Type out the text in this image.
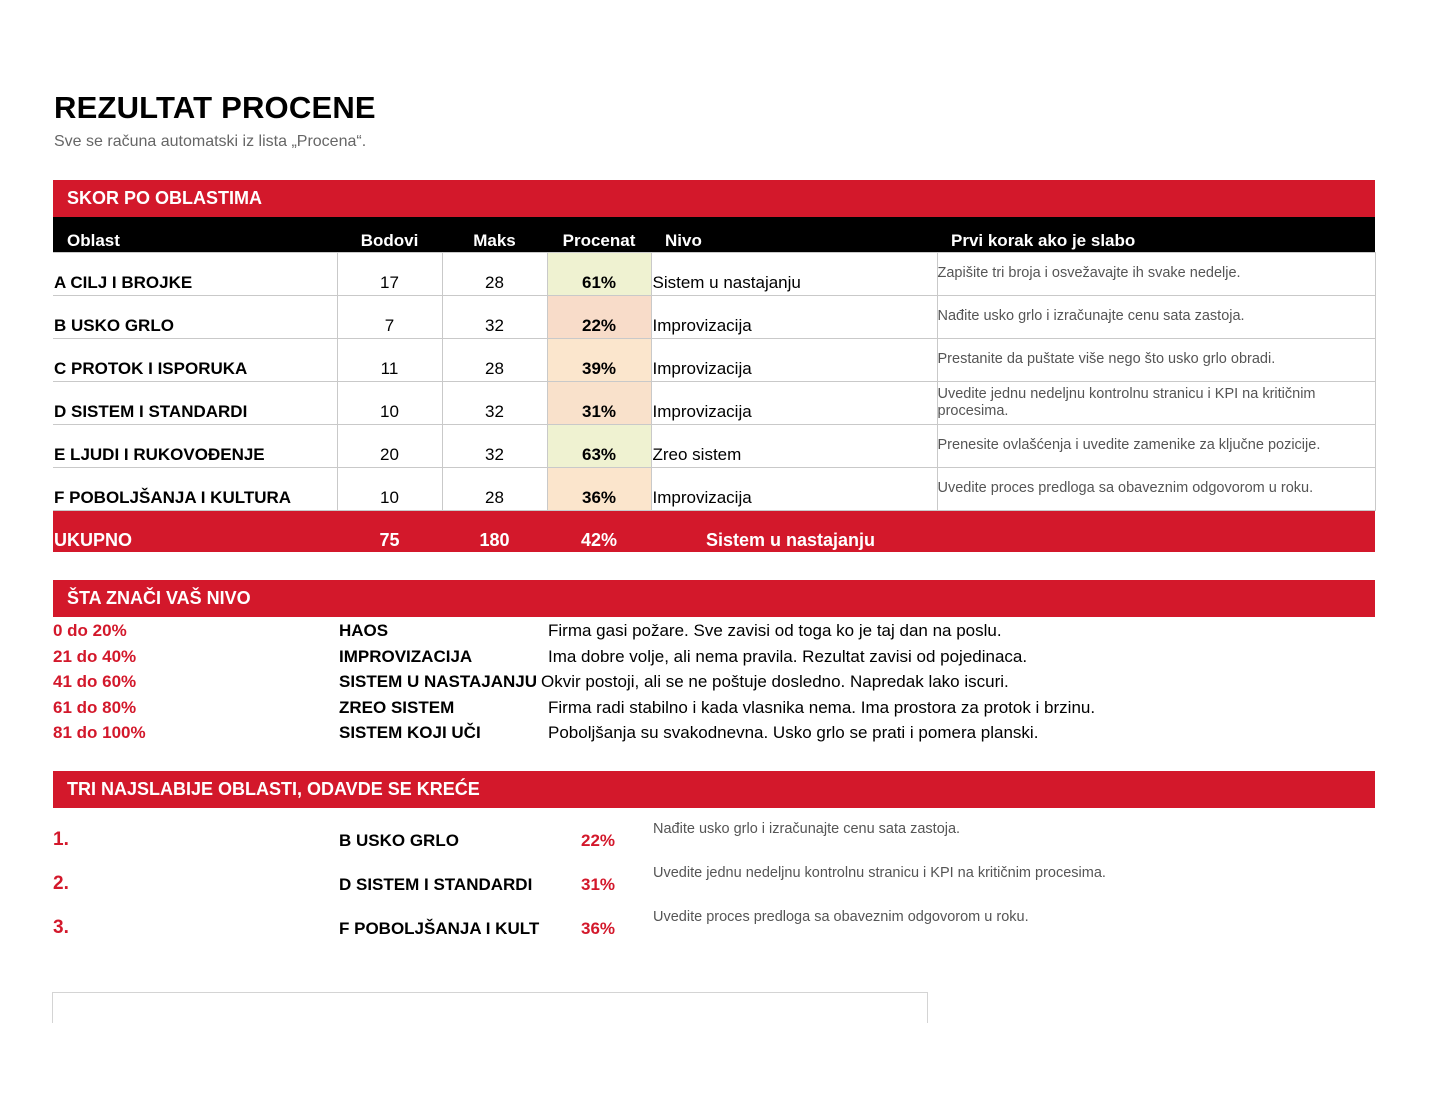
REZULTAT PROCENE
Sve se računa automatski iz lista „Procena“.
SKOR PO OBLASTIMA
Oblast	Bodovi	Maks	Procenat	Nivo	Prvi korak ako je slabo
A CILJ I BROJKE	17	28	61%	Sistem u nastajanju	Zapišite tri broja i osvežavajte ih svake nedelje.
B USKO GRLO	7	32	22%	Improvizacija	Nađite usko grlo i izračunajte cenu sata zastoja.
C PROTOK I ISPORUKA	11	28	39%	Improvizacija	Prestanite da puštate više nego što usko grlo obradi.
D SISTEM I STANDARDI	10	32	31%	Improvizacija	Uvedite jednu nedeljnu kontrolnu stranicu i KPI na kritičnim procesima.
E LJUDI I RUKOVOĐENJE	20	32	63%	Zreo sistem	Prenesite ovlašćenja i uvedite zamenike za ključne pozicije.
F POBOLJŠANJA I KULTURA	10	28	36%	Improvizacija	Uvedite proces predloga sa obaveznim odgovorom u roku.
UKUPNO	75	180	42%	Sistem u nastajanju	
ŠTA ZNAČI VAŠ NIVO
0 do 20%	HAOS	Firma gasi požare. Sve zavisi od toga ko je taj dan na poslu.
21 do 40%	IMPROVIZACIJA	Ima dobre volje, ali nema pravila. Rezultat zavisi od pojedinaca.
41 do 60%	SISTEM U NASTAJANJU Okvir postoji, ali se ne poštuje dosledno. Napredak lako iscuri.
61 do 80%	ZREO SISTEM	Firma radi stabilno i kada vlasnika nema. Ima prostora za protok i brzinu.
81 do 100%	SISTEM KOJI UČI	Poboljšanja su svakodnevna. Usko grlo se prati i pomera planski.
TRI NAJSLABIJE OBLASTI, ODAVDE SE KREĆE
1.	B USKO GRLO	22%
Nađite usko grlo i izračunajte cenu sata zastoja.
2.	D SISTEM I STANDARDI	31%
Uvedite jednu nedeljnu kontrolnu stranicu i KPI na kritičnim procesima.
3.	F POBOLJŠANJA I KULT	36%
Uvedite proces predloga sa obaveznim odgovorom u roku.
